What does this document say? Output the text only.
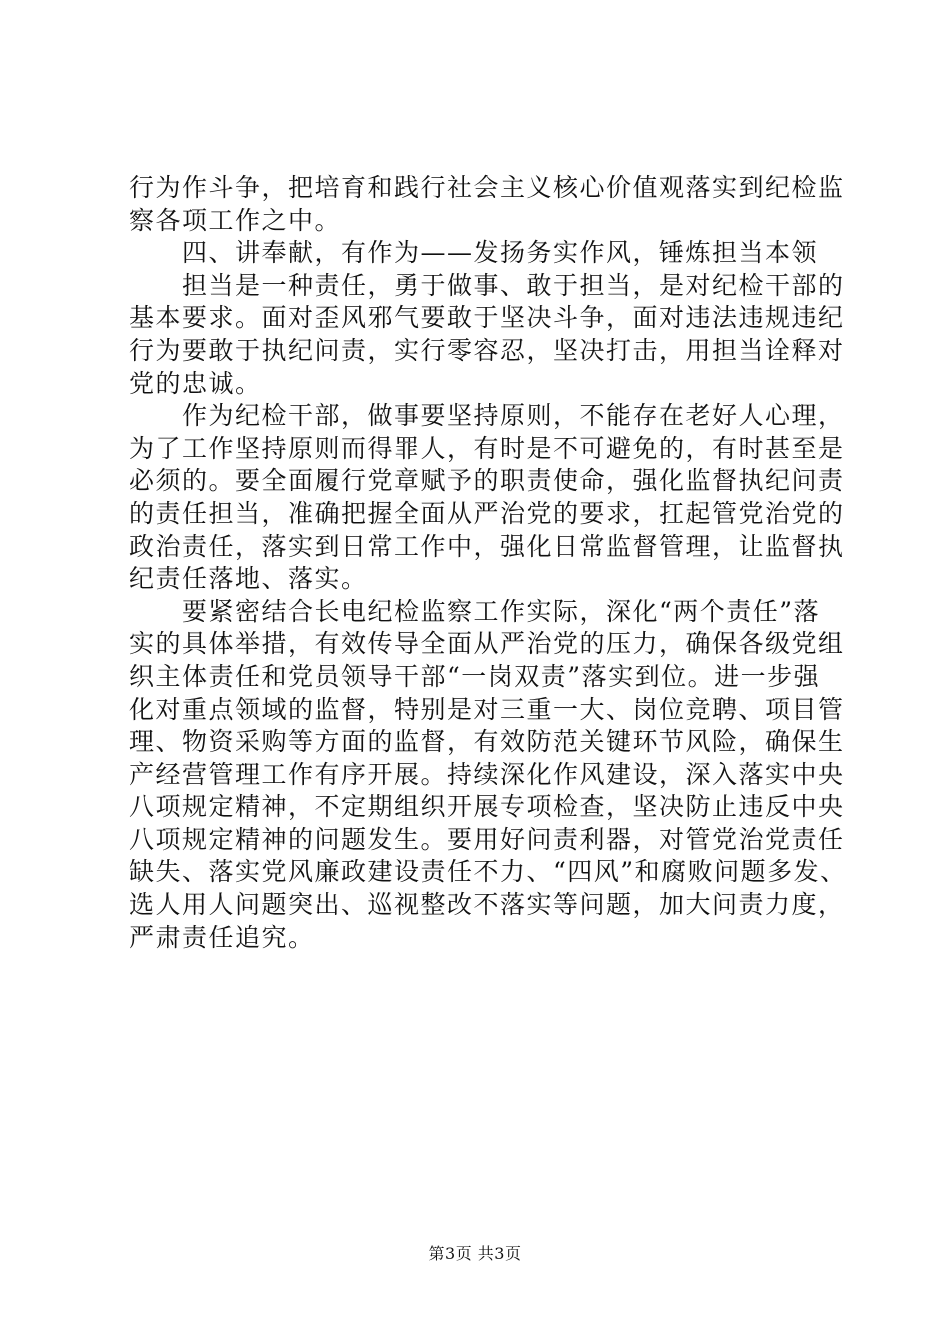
行为作斗争，把培育和践行社会主义核心价值观落实到纪检监
察各项工作之中。
　　四、讲奉献，有作为——发扬务实作风，锤炼担当本领
　　担当是一种责任，勇于做事、敢于担当，是对纪检干部的
基本要求。面对歪风邪气要敢于坚决斗争，面对违法违规违纪
行为要敢于执纪问责，实行零容忍，坚决打击，用担当诠释对
党的忠诚。
　　作为纪检干部，做事要坚持原则，不能存在老好人心理，
为了工作坚持原则而得罪人，有时是不可避免的，有时甚至是
必须的。要全面履行党章赋予的职责使命，强化监督执纪问责
的责任担当，准确把握全面从严治党的要求，扛起管党治党的
政治责任，落实到日常工作中，强化日常监督管理，让监督执
纪责任落地、落实。
　　要紧密结合长电纪检监察工作实际，深化“两个责任”落
实的具体举措，有效传导全面从严治党的压力，确保各级党组
织主体责任和党员领导干部“一岗双责”落实到位。进一步强
化对重点领域的监督，特别是对三重一大、岗位竞聘、项目管
理、物资采购等方面的监督，有效防范关键环节风险，确保生
产经营管理工作有序开展。持续深化作风建设，深入落实中央
八项规定精神，不定期组织开展专项检查，坚决防止违反中央
八项规定精神的问题发生。要用好问责利器，对管党治党责任
缺失、落实党风廉政建设责任不力、“四风”和腐败问题多发、
选人用人问题突出、巡视整改不落实等问题，加大问责力度，
严肃责任追究。
第3页 共3页
